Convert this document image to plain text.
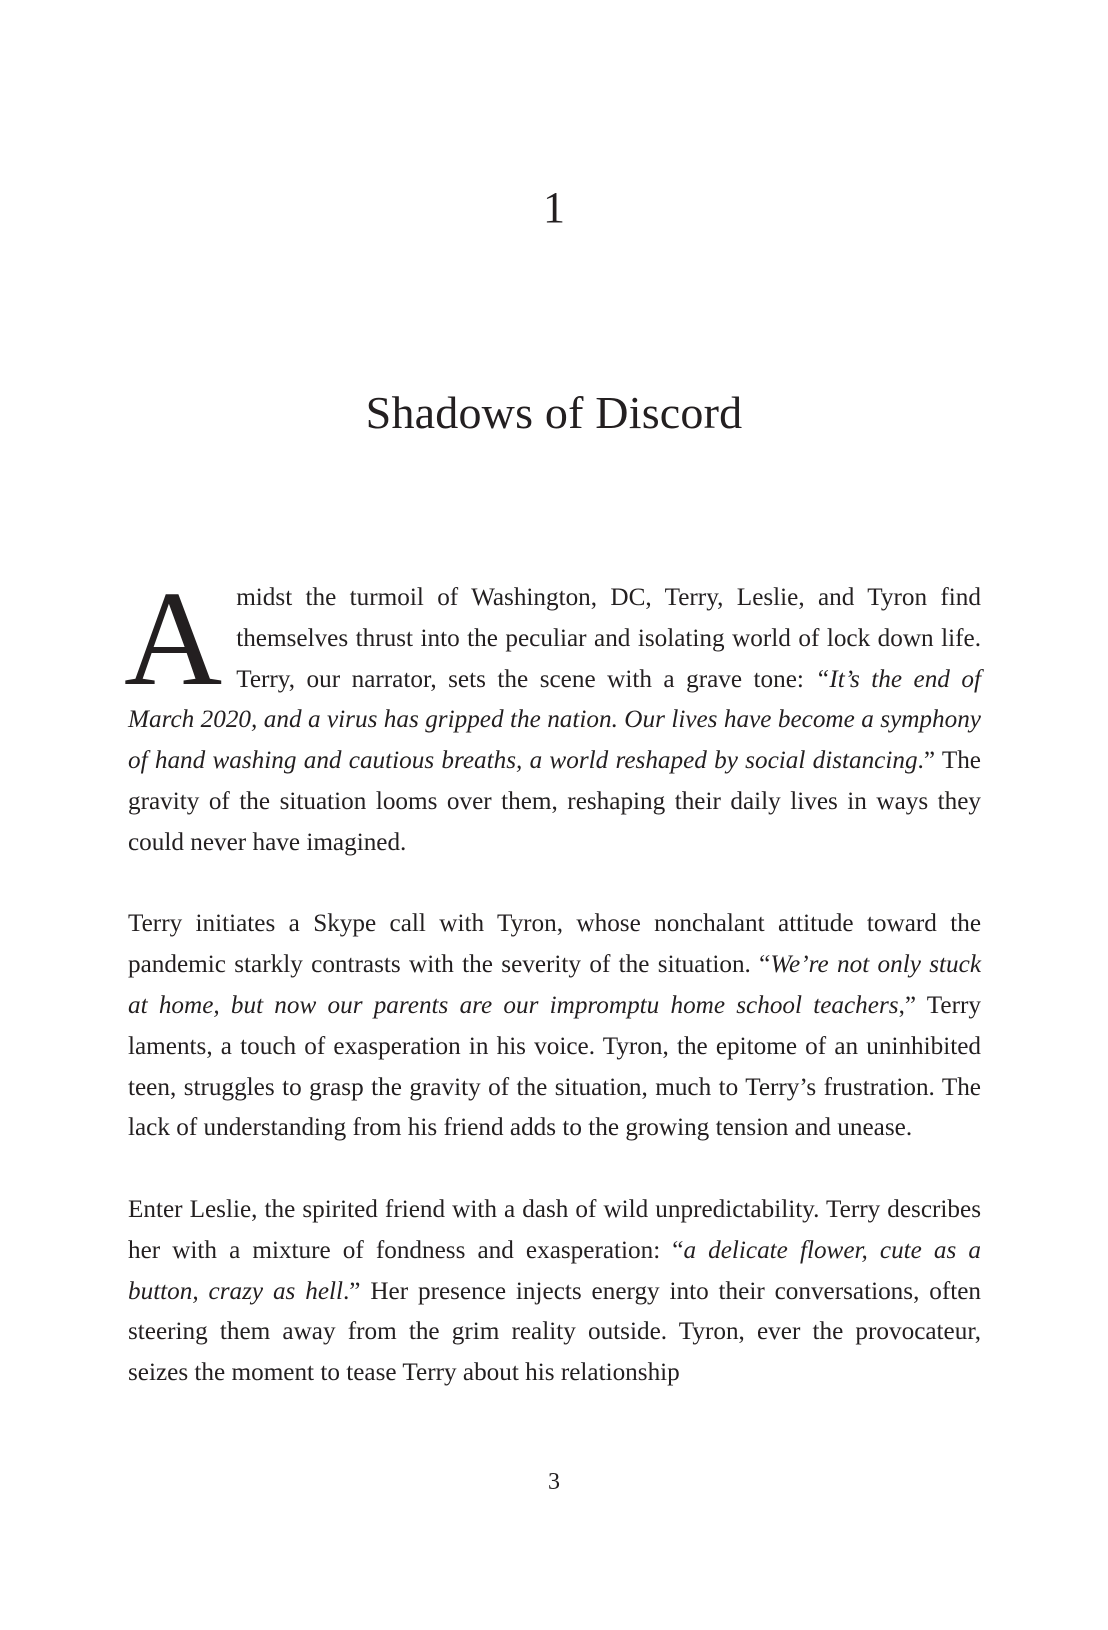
1
Shadows of Discord

Amidst the turmoil of Washington, DC, Terry, Leslie, and Tyron find themselves thrust into the peculiar and isolating world of lock down life. Terry, our narrator, sets the scene with a grave tone: “It’s the end of March 2020, and a virus has gripped the nation. Our lives have become a symphony of hand washing and cautious breaths, a world reshaped by social distancing.” The gravity of the situation looms over them, reshaping their daily lives in ways they could never have imagined.

Terry initiates a Skype call with Tyron, whose nonchalant attitude toward the pandemic starkly contrasts with the severity of the situation. “We’re not only stuck at home, but now our parents are our impromptu home school teachers,” Terry laments, a touch of exasperation in his voice. Tyron, the epitome of an uninhibited teen, struggles to grasp the gravity of the situation, much to Terry’s frustration. The lack of understanding from his friend adds to the growing tension and unease.

Enter Leslie, the spirited friend with a dash of wild unpredictability. Terry describes her with a mixture of fondness and exasperation: “a delicate flower, cute as a button, crazy as hell.” Her presence injects energy into their conversations, often steering them away from the grim reality outside. Tyron, ever the provocateur, seizes the moment to tease Terry about his relationship

3
